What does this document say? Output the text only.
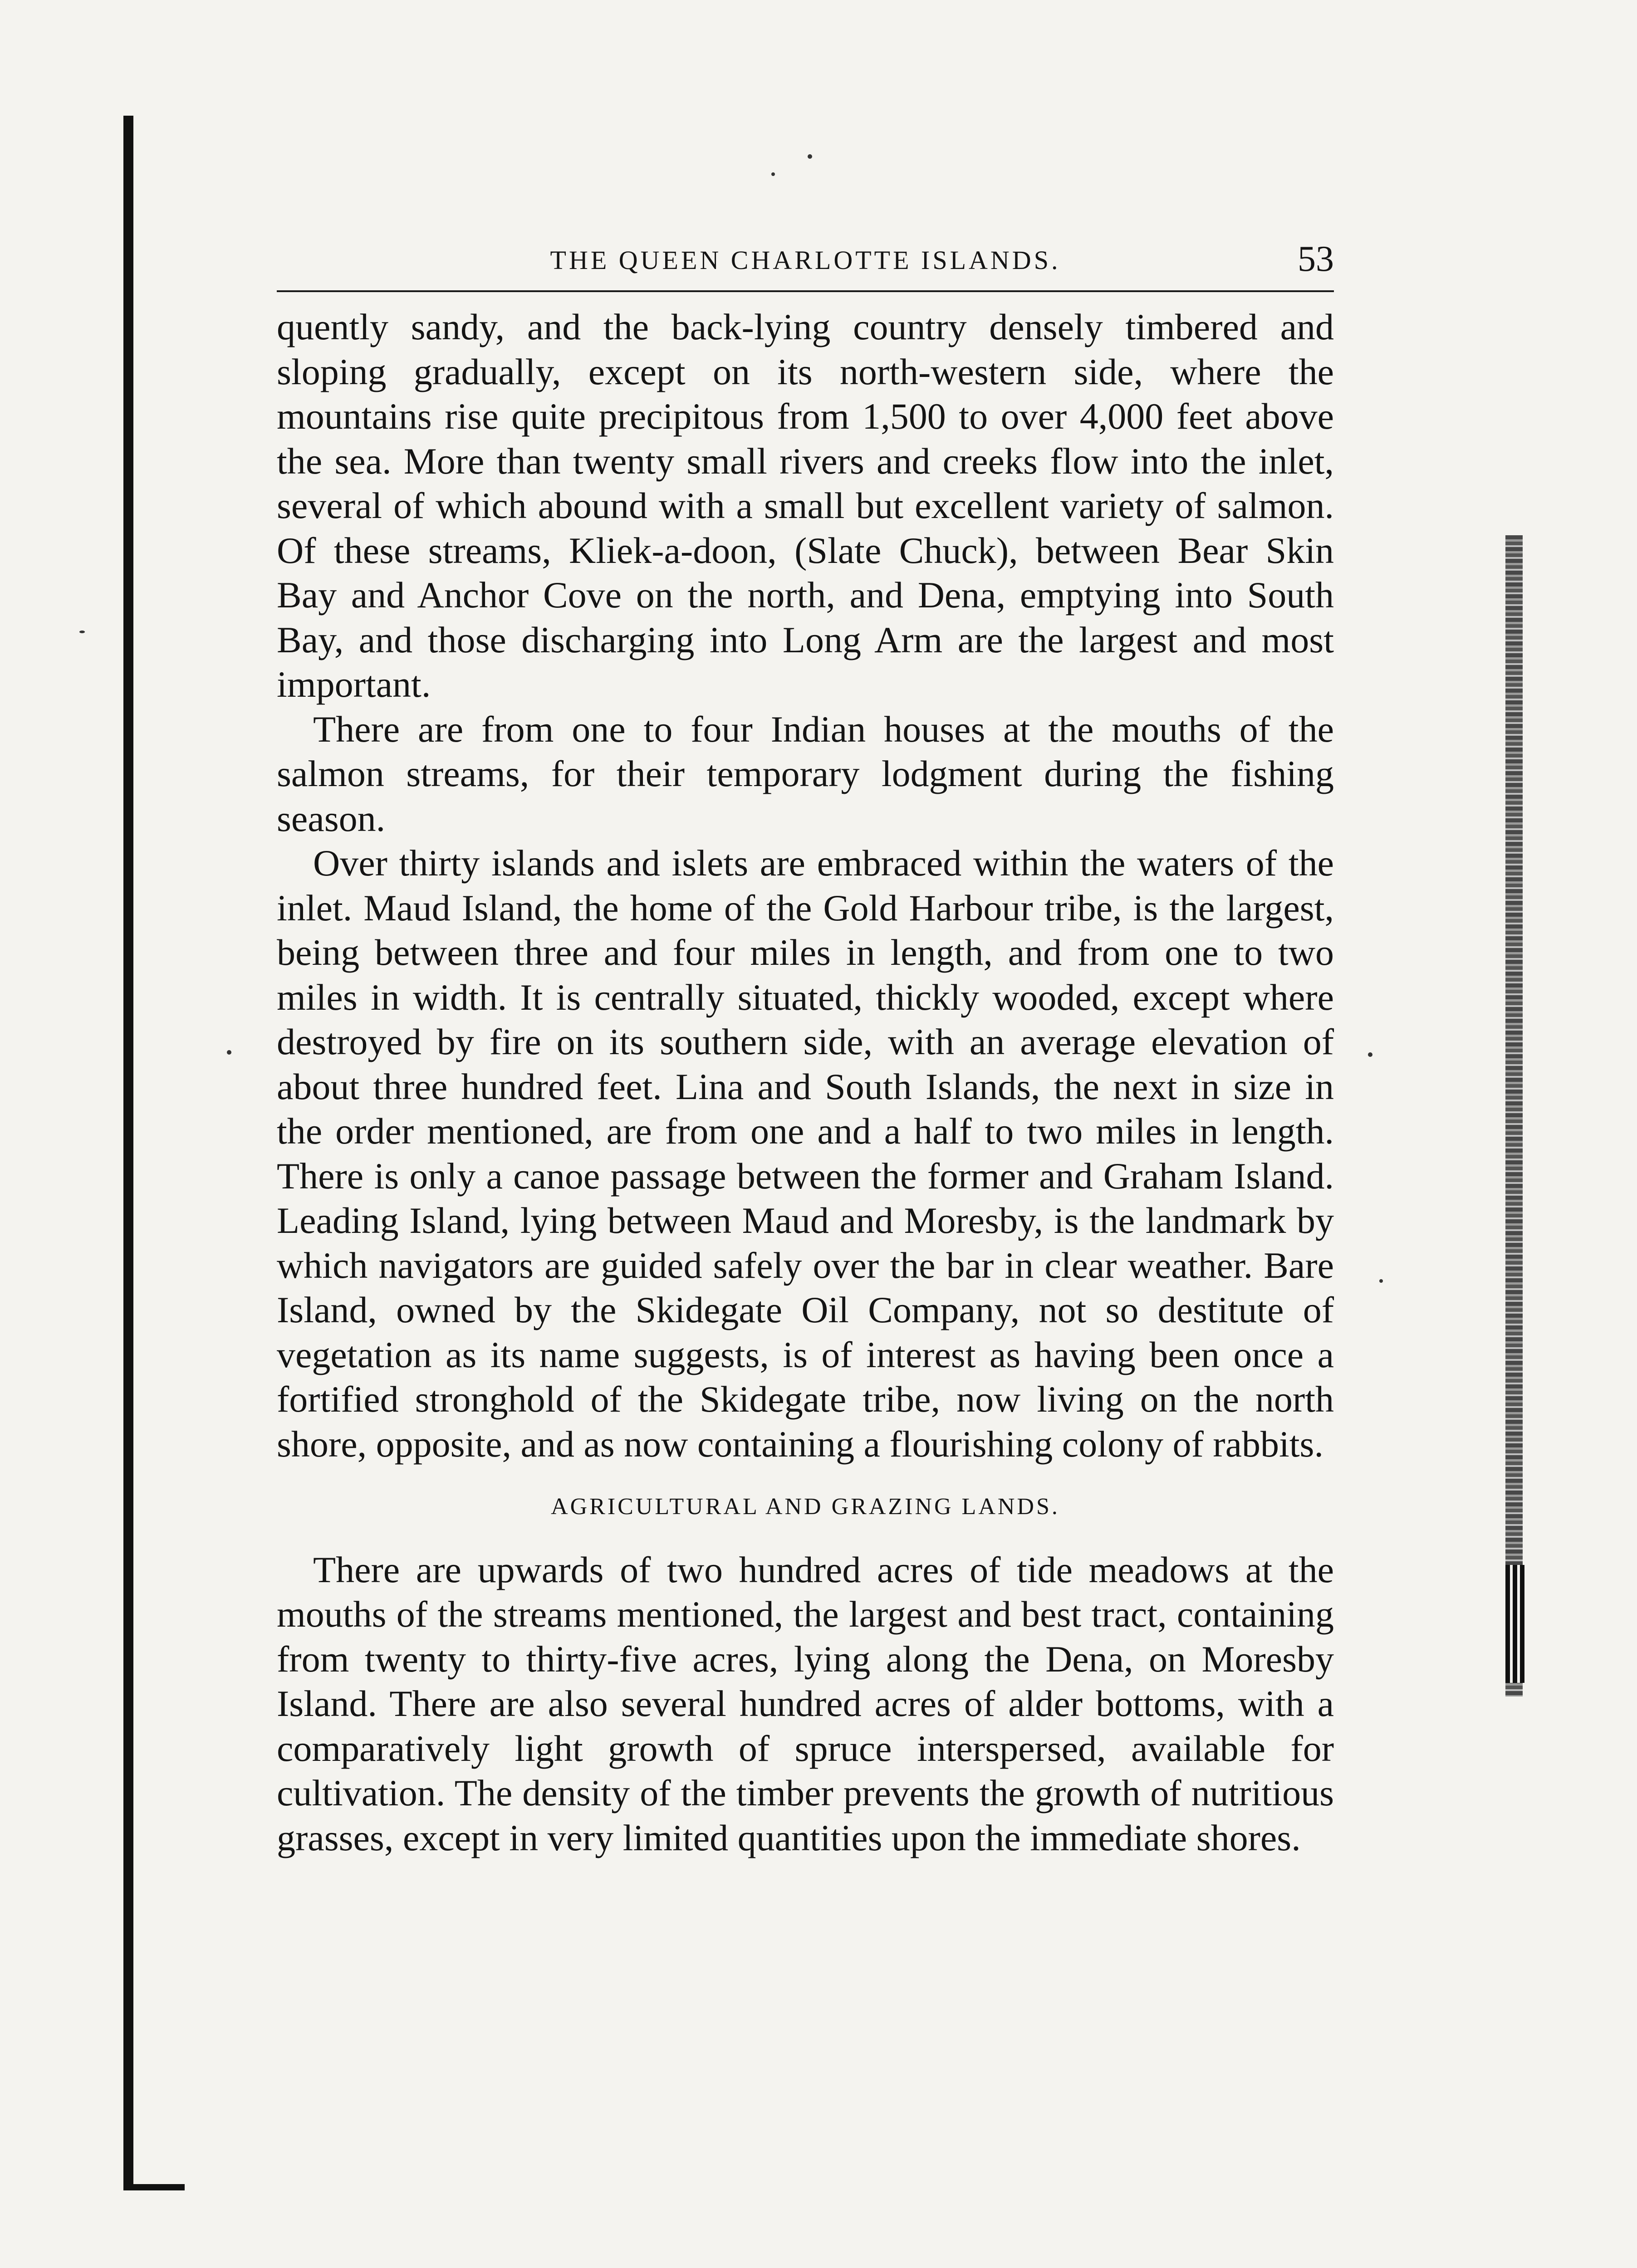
THE QUEEN CHARLOTTE ISLANDS.	53

quently sandy, and the back-lying country densely timbered and sloping gradually, except on its north-western side, where the mountains rise quite precipitous from 1,500 to over 4,000 feet above the sea. More than twenty small rivers and creeks flow into the inlet, several of which abound with a small but excellent variety of salmon. Of these streams, Kliek-a-doon, (Slate Chuck), between Bear Skin Bay and Anchor Cove on the north, and Dena, emptying into South Bay, and those discharging into Long Arm are the largest and most important.

There are from one to four Indian houses at the mouths of the salmon streams, for their temporary lodgment during the fishing season.

Over thirty islands and islets are embraced within the waters of the inlet. Maud Island, the home of the Gold Harbour tribe, is the largest, being between three and four miles in length, and from one to two miles in width. It is centrally situated, thickly wooded, except where destroyed by fire on its southern side, with an average elevation of about three hundred feet. Lina and South Islands, the next in size in the order mentioned, are from one and a half to two miles in length. There is only a canoe passage between the former and Graham Island. Leading Island, lying between Maud and Moresby, is the landmark by which navigators are guided safely over the bar in clear weather. Bare Island, owned by the Skidegate Oil Company, not so destitute of vegetation as its name suggests, is of interest as having been once a fortified stronghold of the Skidegate tribe, now living on the north shore, opposite, and as now containing a flourishing colony of rabbits.

AGRICULTURAL AND GRAZING LANDS.

There are upwards of two hundred acres of tide meadows at the mouths of the streams mentioned, the largest and best tract, containing from twenty to thirty-five acres, lying along the Dena, on Moresby Island. There are also several hundred acres of alder bottoms, with a comparatively light growth of spruce interspersed, available for cultivation. The density of the timber prevents the growth of nutritious grasses, except in very limited quantities upon the immediate shores.
